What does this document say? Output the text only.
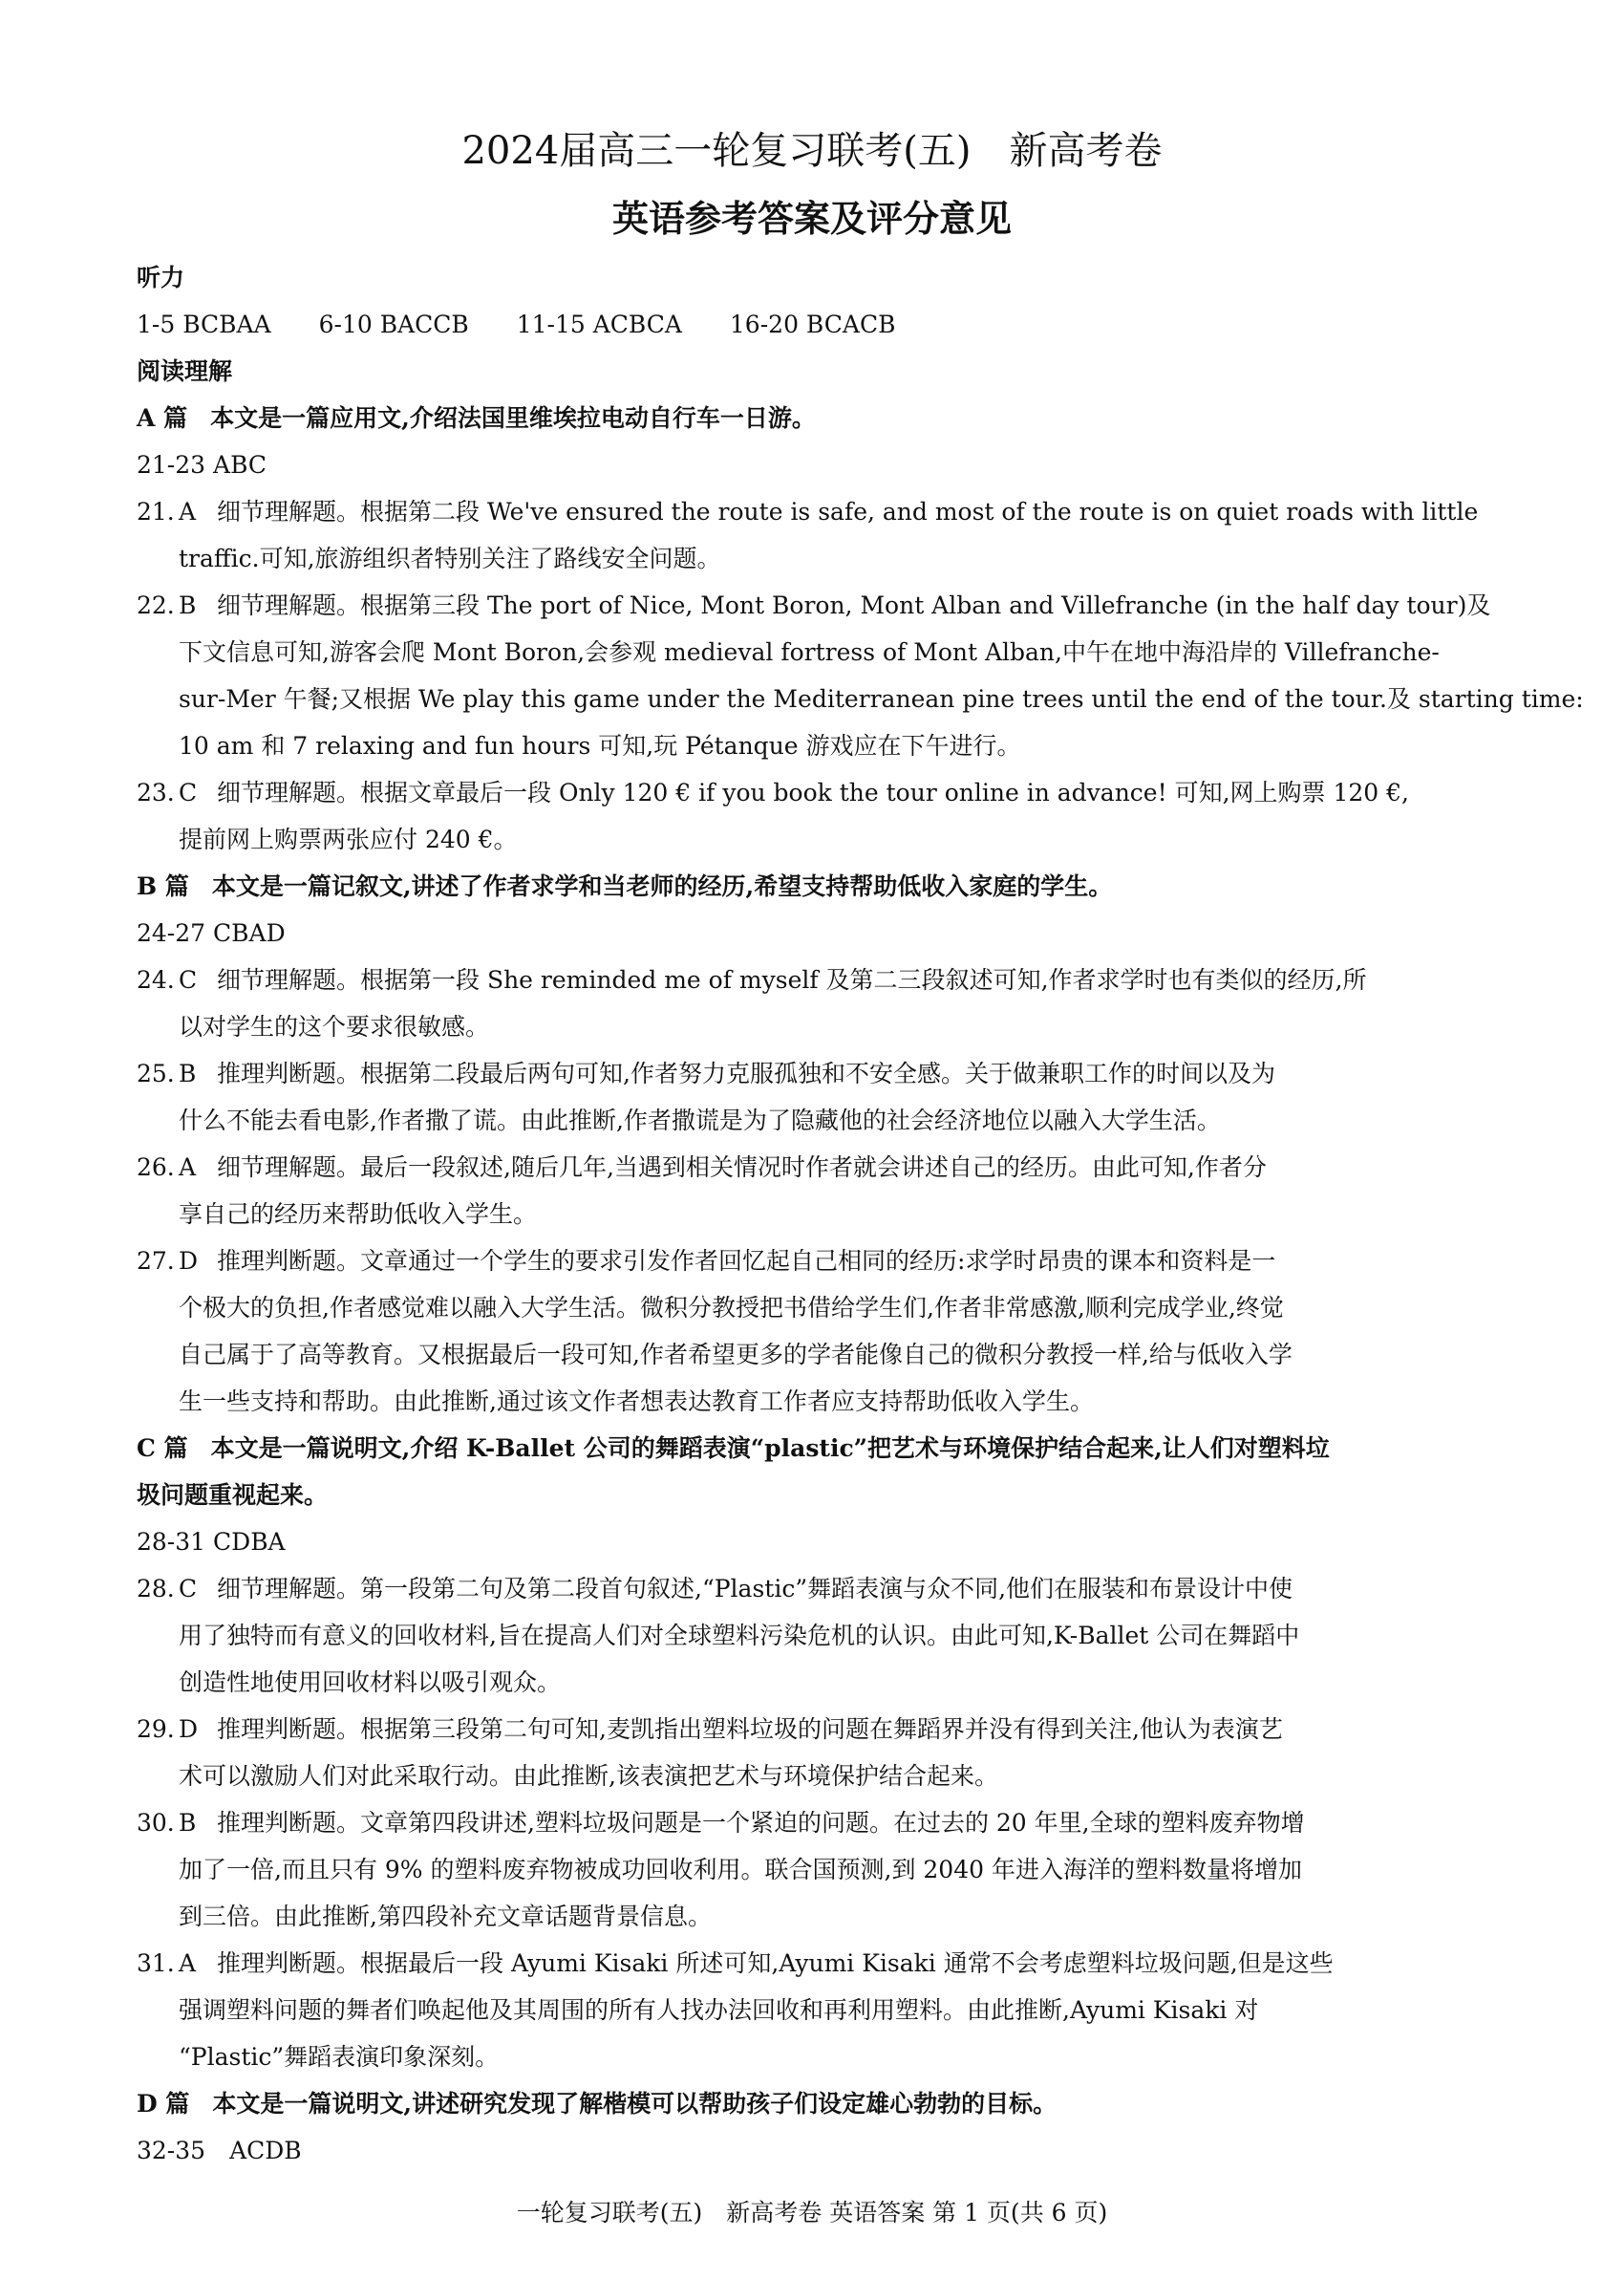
2024届高三一轮复习联考(五)　新高考卷
英语参考答案及评分意见
听力
1-5 BCBAA 6-10 BACCB 11-15 ACBCA 16-20 BCACB
阅读理解
A 篇 本文是一篇应用文,介绍法国里维埃拉电动自行车一日游。
21-23 ABC
21. A 细节理解题。根据第二段 We've ensured the route is safe, and most of the route is on quiet roads with little
traffic.可知,旅游组织者特别关注了路线安全问题。
22. B 细节理解题。根据第三段 The port of Nice, Mont Boron, Mont Alban and Villefranche (in the half day tour)及
下文信息可知,游客会爬 Mont Boron,会参观 medieval fortress of Mont Alban,中午在地中海沿岸的 Villefranche-
sur-Mer 午餐;又根据 We play this game under the Mediterranean pine trees until the end of the tour.及 starting time:
10 am 和 7 relaxing and fun hours 可知,玩 Pétanque 游戏应在下午进行。
23. C 细节理解题。根据文章最后一段 Only 120 € if you book the tour online in advance! 可知,网上购票 120 €,
提前网上购票两张应付 240 €。
B 篇 本文是一篇记叙文,讲述了作者求学和当老师的经历,希望支持帮助低收入家庭的学生。
24-27 CBAD
24. C 细节理解题。根据第一段 She reminded me of myself 及第二三段叙述可知,作者求学时也有类似的经历,所
以对学生的这个要求很敏感。
25. B 推理判断题。根据第二段最后两句可知,作者努力克服孤独和不安全感。关于做兼职工作的时间以及为
什么不能去看电影,作者撒了谎。由此推断,作者撒谎是为了隐藏他的社会经济地位以融入大学生活。
26. A 细节理解题。最后一段叙述,随后几年,当遇到相关情况时作者就会讲述自己的经历。由此可知,作者分
享自己的经历来帮助低收入学生。
27. D 推理判断题。文章通过一个学生的要求引发作者回忆起自己相同的经历:求学时昂贵的课本和资料是一
个极大的负担,作者感觉难以融入大学生活。微积分教授把书借给学生们,作者非常感激,顺利完成学业,终觉
自己属于了高等教育。又根据最后一段可知,作者希望更多的学者能像自己的微积分教授一样,给与低收入学
生一些支持和帮助。由此推断,通过该文作者想表达教育工作者应支持帮助低收入学生。
C 篇 本文是一篇说明文,介绍 K-Ballet 公司的舞蹈表演“plastic”把艺术与环境保护结合起来,让人们对塑料垃
圾问题重视起来。
28-31 CDBA
28. C 细节理解题。第一段第二句及第二段首句叙述,“Plastic”舞蹈表演与众不同,他们在服装和布景设计中使
用了独特而有意义的回收材料,旨在提高人们对全球塑料污染危机的认识。由此可知,K-Ballet 公司在舞蹈中
创造性地使用回收材料以吸引观众。
29. D 推理判断题。根据第三段第二句可知,麦凯指出塑料垃圾的问题在舞蹈界并没有得到关注,他认为表演艺
术可以激励人们对此采取行动。由此推断,该表演把艺术与环境保护结合起来。
30. B 推理判断题。文章第四段讲述,塑料垃圾问题是一个紧迫的问题。在过去的 20 年里,全球的塑料废弃物增
加了一倍,而且只有 9% 的塑料废弃物被成功回收利用。联合国预测,到 2040 年进入海洋的塑料数量将增加
到三倍。由此推断,第四段补充文章话题背景信息。
31. A 推理判断题。根据最后一段 Ayumi Kisaki 所述可知,Ayumi Kisaki 通常不会考虑塑料垃圾问题,但是这些
强调塑料问题的舞者们唤起他及其周围的所有人找办法回收和再利用塑料。由此推断,Ayumi Kisaki 对
“Plastic”舞蹈表演印象深刻。
D 篇 本文是一篇说明文,讲述研究发现了解楷模可以帮助孩子们设定雄心勃勃的目标。
32-35　ACDB
一轮复习联考(五)　新高考卷 英语答案 第 1 页(共 6 页)
